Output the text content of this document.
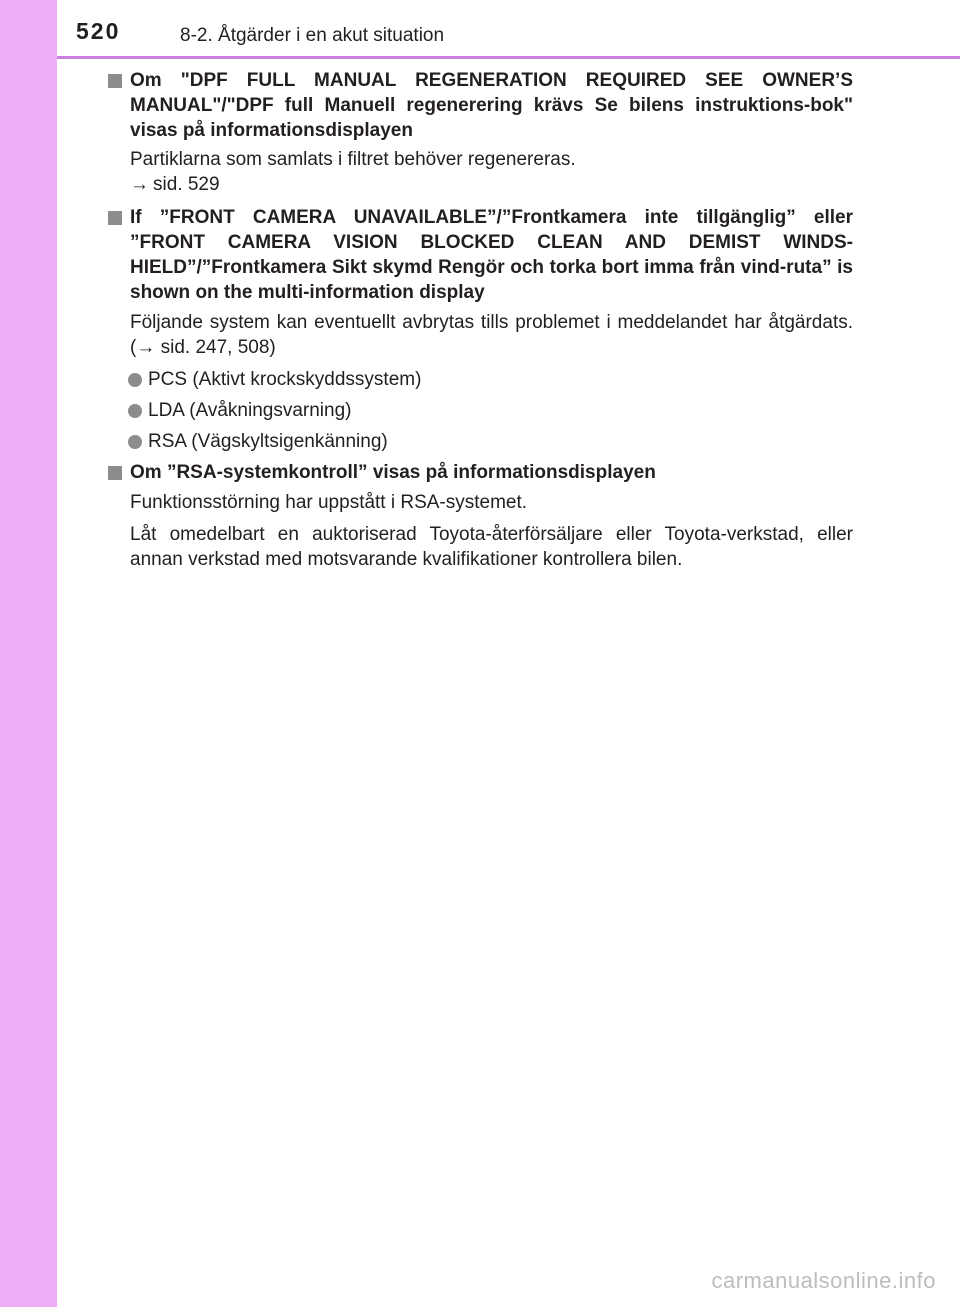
520	8-2. Åtgärder i en akut situation

Om "DPF FULL MANUAL REGENERATION REQUIRED SEE OWNER’S MANUAL"/"DPF full Manuell regenerering krävs Se bilens instruktions-bok" visas på informationsdisplayen

Partiklarna som samlats i filtret behöver regenereras.

→ sid. 529

If ”FRONT CAMERA UNAVAILABLE”/”Frontkamera inte tillgänglig” eller ”FRONT CAMERA VISION BLOCKED CLEAN AND DEMIST WINDS-HIELD”/”Frontkamera Sikt skymd Rengör och torka bort imma från vind-ruta” is shown on the multi-information display

Följande system kan eventuellt avbrytas tills problemet i meddelandet har åtgärdats. (→ sid. 247, 508)

PCS (Aktivt krockskyddssystem)
LDA (Avåkningsvarning)
RSA (Vägskyltsigenkänning)

Om ”RSA-systemkontroll” visas på informationsdisplayen

Funktionsstörning har uppstått i RSA-systemet.

Låt omedelbart en auktoriserad Toyota-återförsäljare eller Toyota-verkstad, eller annan verkstad med motsvarande kvalifikationer kontrollera bilen.

carmanualsonline.info
